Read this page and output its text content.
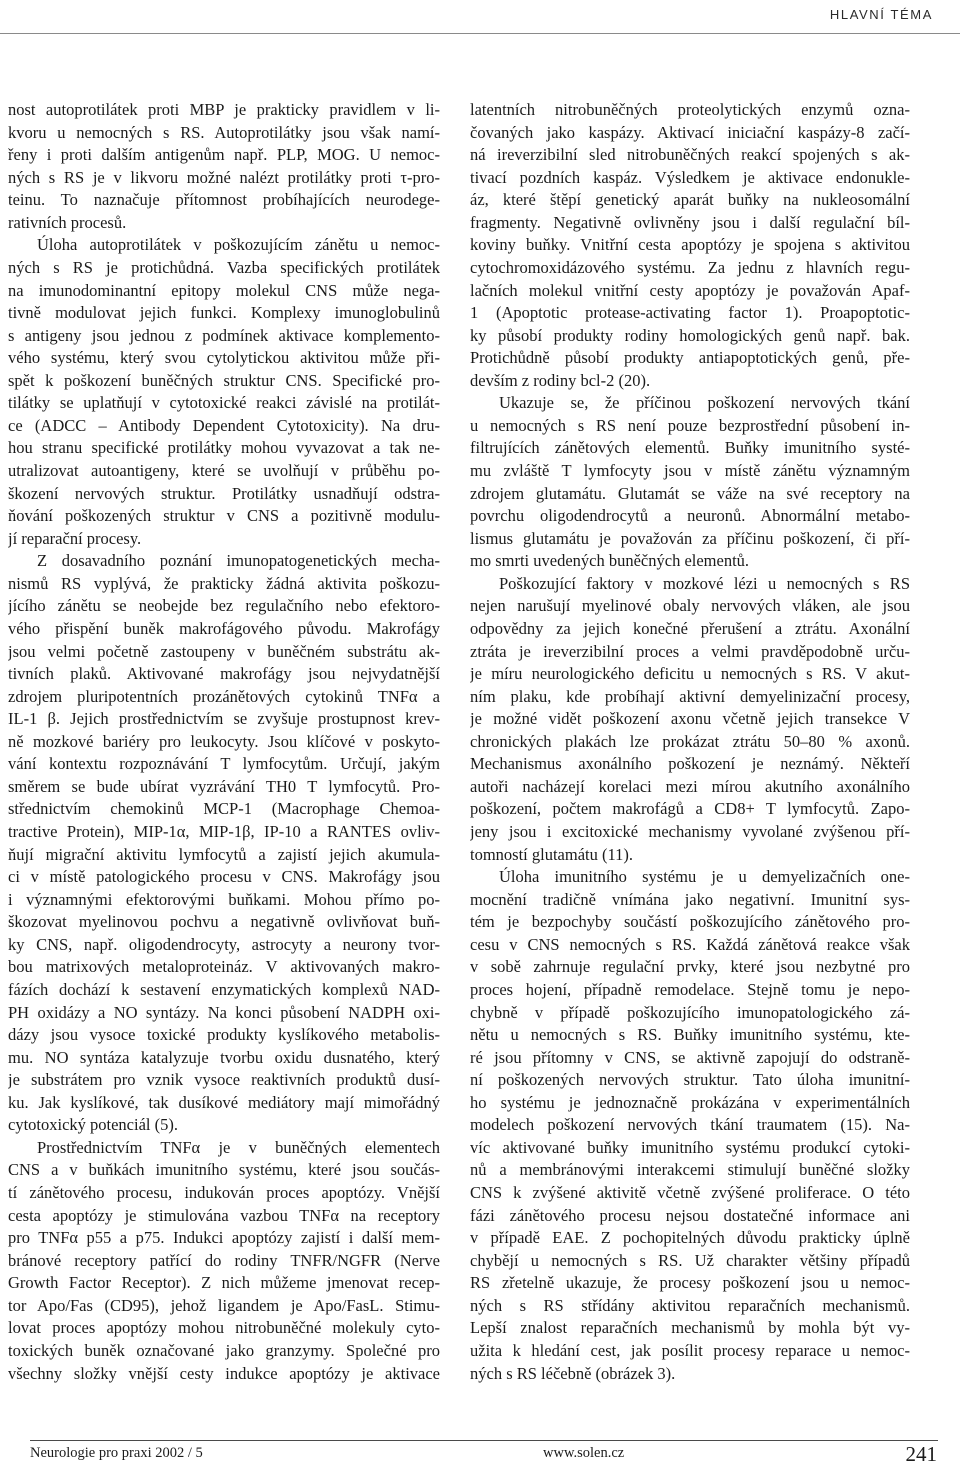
HLAVNÍ TÉMA
nost autoprotilátek proti MBP je prakticky pravidlem v li-
kvoru u nemocných s RS. Autoprotilátky jsou však namí-
řeny i proti dalším antigenům např. PLP, MOG. U nemoc-
ných s RS je v likvoru možné nalézt protilátky proti τ-pro-
teinu. To naznačuje přítomnost probíhajících neurodege-
rativních procesů.
Úloha autoprotilátek v poškozujícím zánětu u nemoc-
ných s RS je protichůdná. Vazba specifických protilátek
na imunodominantní epitopy molekul CNS může nega-
tivně modulovat jejich funkci. Komplexy imunoglobulinů
s antigeny jsou jednou z podmínek aktivace komplemento-
vého systému, který svou cytolytickou aktivitou může při-
spět k poškození buněčných struktur CNS. Specifické pro-
tilátky se uplatňují v cytotoxické reakci závislé na protilát-
ce (ADCC – Antibody Dependent Cytotoxicity). Na dru-
hou stranu specifické protilátky mohou vyvazovat a tak ne-
utralizovat autoantigeny, které se uvolňují v průběhu po-
škození nervových struktur. Protilátky usnadňují odstra-
ňování poškozených struktur v CNS a pozitivně modulu-
jí reparační procesy.
Z dosavadního poznání imunopatogenetických mecha-
nismů RS vyplývá, že prakticky žádná aktivita poškozu-
jícího zánětu se neobejde bez regulačního nebo efektoro-
vého přispění buněk makrofágového původu. Makrofágy
jsou velmi početně zastoupeny v buněčném substrátu ak-
tivních plaků. Aktivované makrofágy jsou nejvydatnější
zdrojem pluripotentních prozánětových cytokinů TNFα a
IL-1 β. Jejich prostřednictvím se zvyšuje prostupnost krev-
ně mozkové bariéry pro leukocyty. Jsou klíčové v poskyto-
vání kontextu rozpoznávání T lymfocytům. Určují, jakým
směrem se bude ubírat vyzrávání TH0 T lymfocytů. Pro-
střednictvím chemokinů MCP-1 (Macrophage Chemoa-
tractive Protein), MIP-1α, MIP-1β, IP-10 a RANTES ovliv-
ňují migrační aktivitu lymfocytů a zajistí jejich akumula-
ci v místě patologického procesu v CNS. Makrofágy jsou
i významnými efektorovými buňkami. Mohou přímo po-
škozovat myelinovou pochvu a negativně ovlivňovat buň-
ky CNS, např. oligodendrocyty, astrocyty a neurony tvor-
bou matrixových metaloproteináz. V aktivovaných makro-
fázích dochází k sestavení enzymatických komplexů NAD-
PH oxidázy a NO syntázy. Na konci působení NADPH oxi-
dázy jsou vysoce toxické produkty kyslíkového metabolis-
mu. NO syntáza katalyzuje tvorbu oxidu dusnatého, který
je substrátem pro vznik vysoce reaktivních produktů dusí-
ku. Jak kyslíkové, tak dusíkové mediátory mají mimořádný
cytotoxický potenciál (5).
Prostřednictvím TNFα je v buněčných elementech
CNS a v buňkách imunitního systému, které jsou součás-
tí zánětového procesu, indukován proces apoptózy. Vnější
cesta apoptózy je stimulována vazbou TNFα na receptory
pro TNFα p55 a p75. Indukci apoptózy zajistí i další mem-
bránové receptory patřící do rodiny TNFR/NGFR (Nerve
Growth Factor Receptor). Z nich můžeme jmenovat recep-
tor Apo/Fas (CD95), jehož ligandem je Apo/FasL. Stimu-
lovat proces apoptózy mohou nitrobuněčné molekuly cyto-
toxických buněk označované jako granzymy. Společné pro
všechny složky vnější cesty indukce apoptózy je aktivace
latentních nitrobuněčných proteolytických enzymů ozna-
čovaných jako kaspázy. Aktivací iniciační kaspázy-8 začí-
ná ireverzibilní sled nitrobuněčných reakcí spojených s ak-
tivací pozdních kaspáz. Výsledkem je aktivace endonukle-
áz, které štěpí genetický aparát buňky na nukleosomální
fragmenty. Negativně ovlivněny jsou i další regulační bíl-
koviny buňky. Vnitřní cesta apoptózy je spojena s aktivitou
cytochromoxidázového systému. Za jednu z hlavních regu-
lačních molekul vnitřní cesty apoptózy je považován Apaf-
1 (Apoptotic protease-activating factor 1). Proapoptotic-
ky působí produkty rodiny homologických genů např. bak.
Protichůdně působí produkty antiapoptotických genů, pře-
devším z rodiny bcl-2 (20).
Ukazuje se, že příčinou poškození nervových tkání
u nemocných s RS není pouze bezprostřední působení in-
filtrujících zánětových elementů. Buňky imunitního systé-
mu zvláště T lymfocyty jsou v místě zánětu významným
zdrojem glutamátu. Glutamát se váže na své receptory na
povrchu oligodendrocytů a neuronů. Abnormální metabo-
lismus glutamátu je považován za příčinu poškození, či pří-
mo smrti uvedených buněčných elementů.
Poškozující faktory v mozkové lézi u nemocných s RS
nejen narušují myelinové obaly nervových vláken, ale jsou
odpovědny za jejich konečné přerušení a ztrátu. Axonální
ztráta je ireverzibilní proces a velmi pravděpodobně urču-
je míru neurologického deficitu u nemocných s RS. V akut-
ním plaku, kde probíhají aktivní demyelinizační procesy,
je možné vidět poškození axonu včetně jejich transekce V
chronických plakách lze prokázat ztrátu 50–80 % axonů.
Mechanismus axonálního poškození je neznámý. Někteří
autoři nacházejí korelaci mezi mírou akutního axonálního
poškození, počtem makrofágů a CD8+ T lymfocytů. Zapo-
jeny jsou i excitoxické mechanismy vyvolané zvýšenou pří-
tomností glutamátu (11).
Úloha imunitního systému je u demyelizačních one-
mocnění tradičně vnímána jako negativní. Imunitní sys-
tém je bezpochyby součástí poškozujícího zánětového pro-
cesu v CNS nemocných s RS. Každá zánětová reakce však
v sobě zahrnuje regulační prvky, které jsou nezbytné pro
proces hojení, případně remodelace. Stejně tomu je nepo-
chybně v případě poškozujícího imunopatologického zá-
nětu u nemocných s RS. Buňky imunitního systému, kte-
ré jsou přítomny v CNS, se aktivně zapojují do odstraně-
ní poškozených nervových struktur. Tato úloha imunitní-
ho systému je jednoznačně prokázána v experimentálních
modelech poškození nervových tkání traumatem (15). Na-
víc aktivované buňky imunitního systému produkcí cytoki-
nů a membránovými interakcemi stimulují buněčné složky
CNS k zvýšené aktivitě včetně zvýšené proliferace. O této
fázi zánětového procesu nejsou dostatečné informace ani
v případě EAE. Z pochopitelných důvodu prakticky úplně
chybějí u nemocných s RS. Už charakter většiny případů
RS zřetelně ukazuje, že procesy poškození jsou u nemoc-
ných s RS střídány aktivitou reparačních mechanismů.
Lepší znalost reparačních mechanismů by mohla být vy-
užita k hledání cest, jak posílit procesy reparace u nemoc-
ných s RS léčebně (obrázek 3).
Neurologie pro praxi 2002 / 5	www.solen.cz	241
